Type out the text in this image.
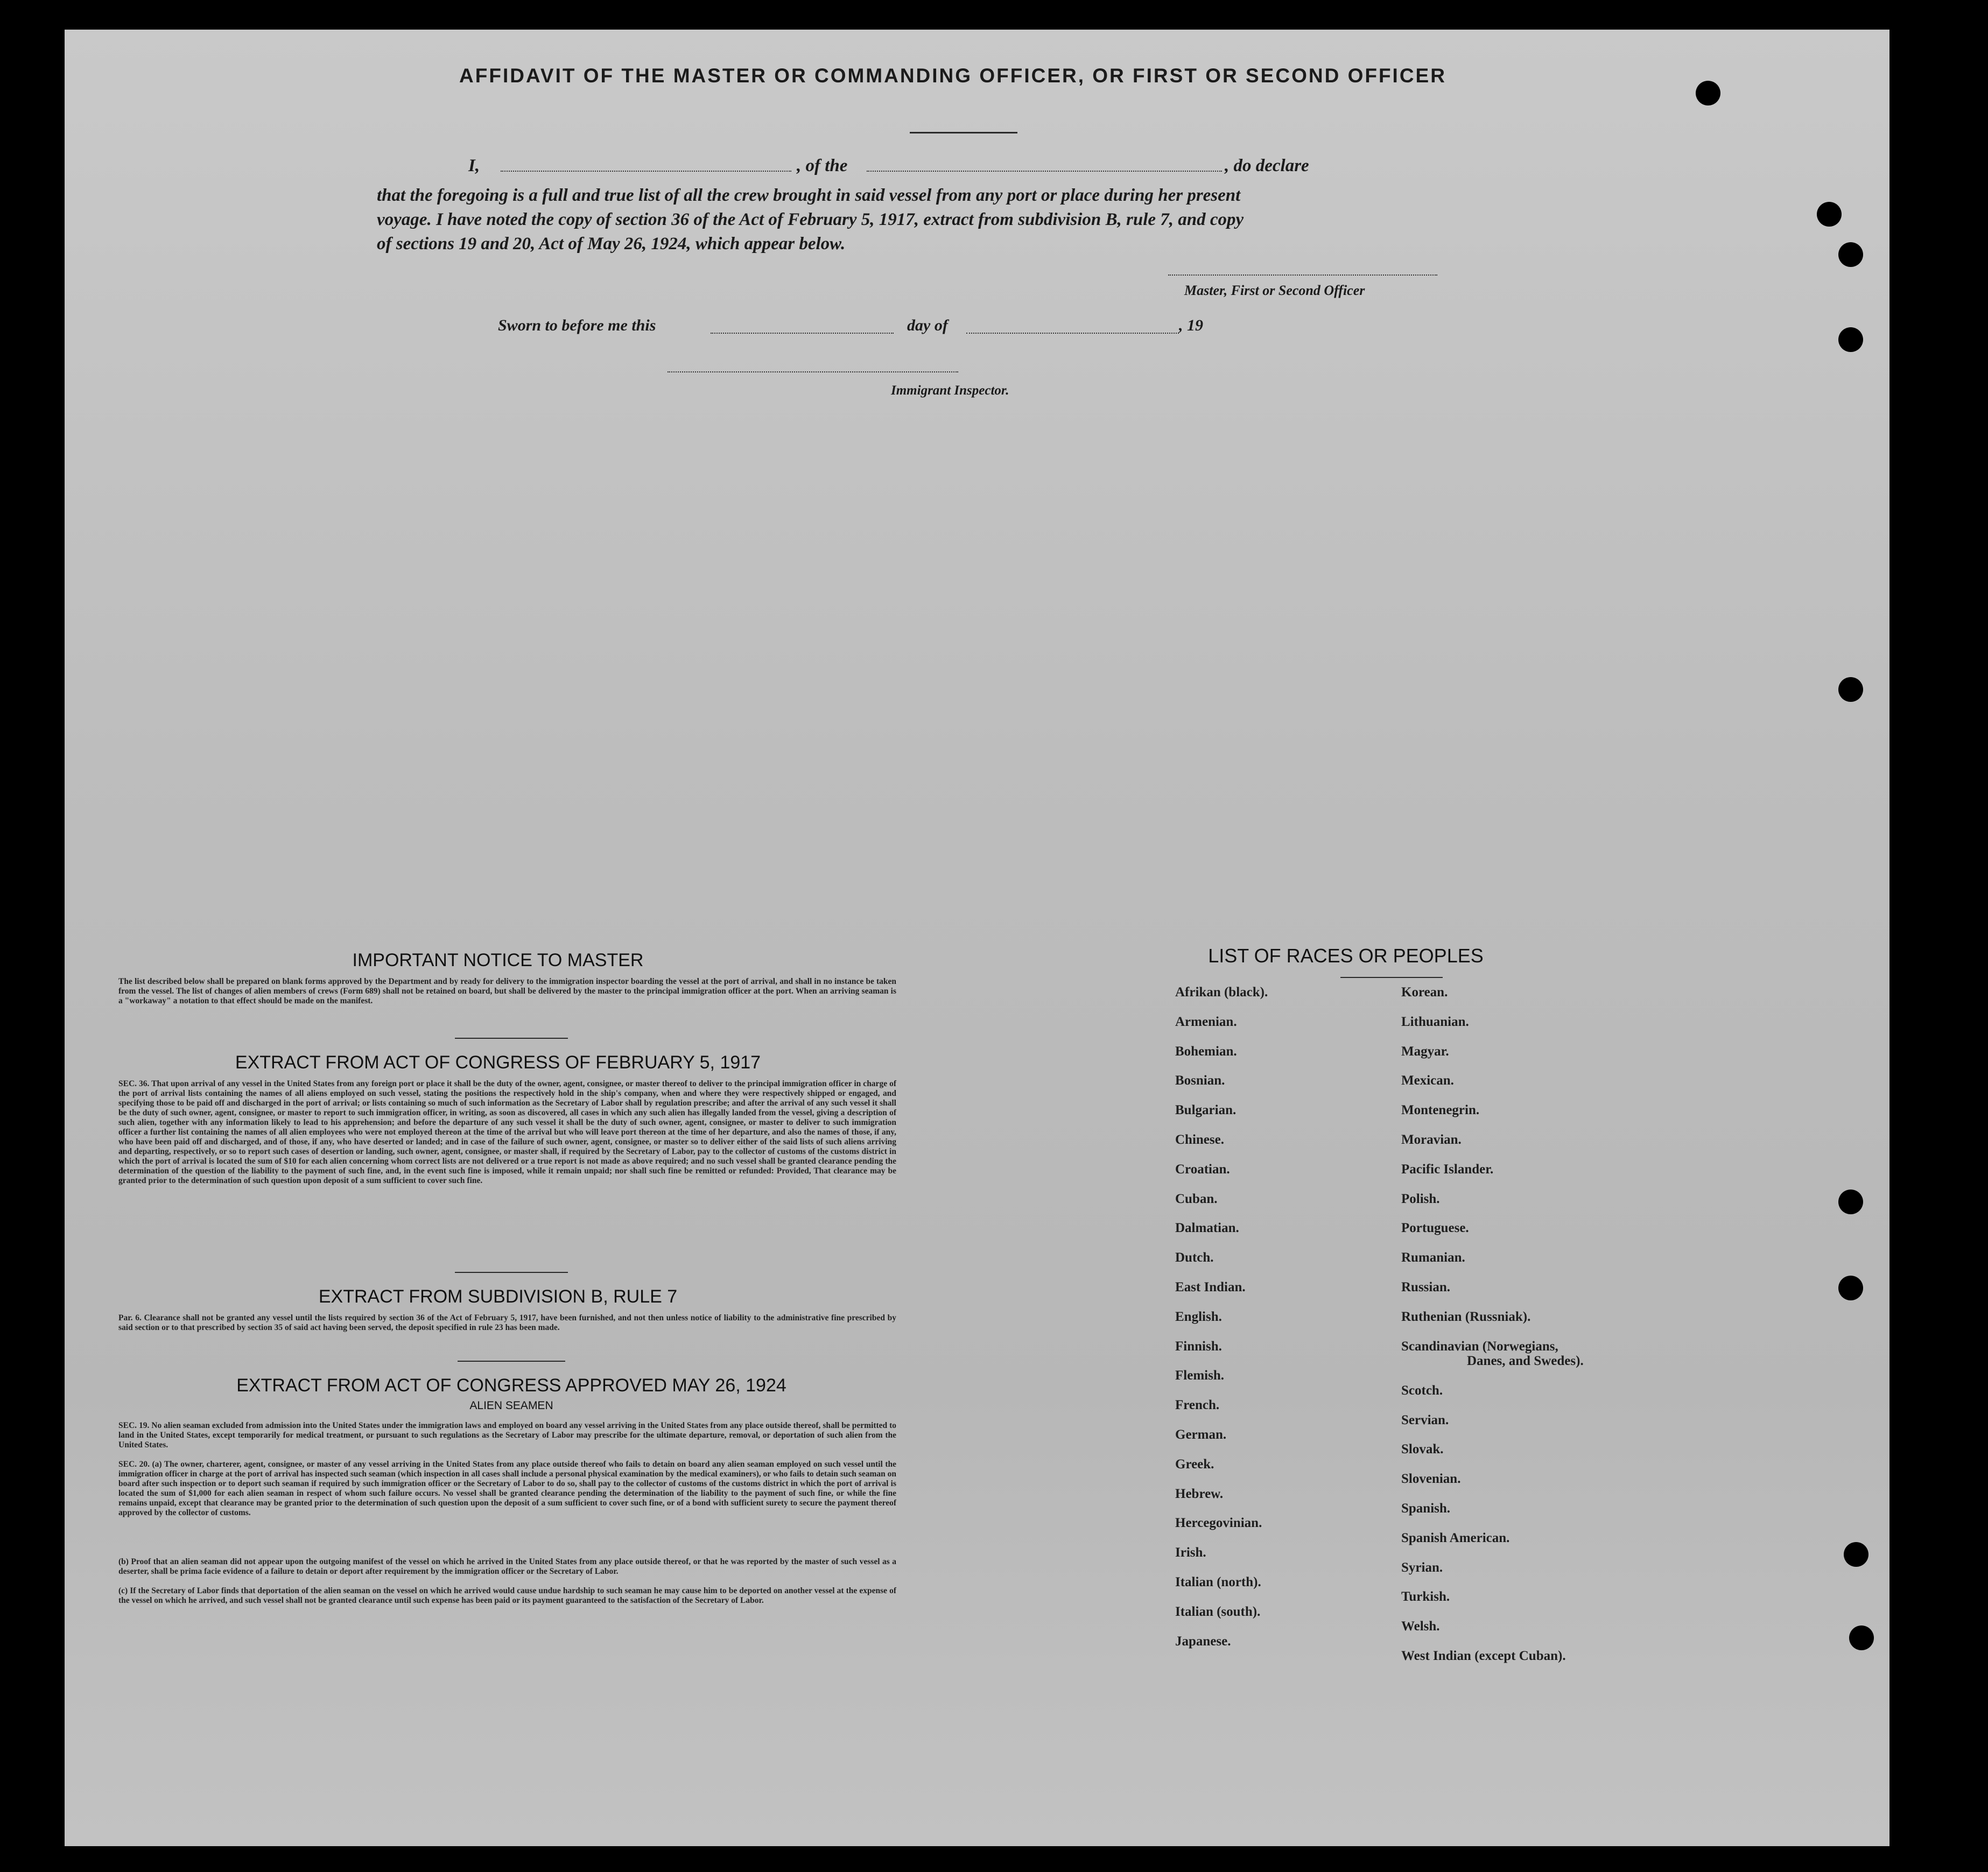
AFFIDAVIT OF THE MASTER OR COMMANDING OFFICER, OR FIRST OR SECOND OFFICER
I,	, of the	, do declare
that the foregoing is a full and true list of all the crew brought in said vessel from any port or place during her present
voyage. I have noted the copy of section 36 of the Act of February 5, 1917, extract from subdivision B, rule 7, and copy
of sections 19 and 20, Act of May 26, 1924, which appear below.
Master, First or Second Officer
Sworn to before me this	day of	, 19
Immigrant Inspector.
IMPORTANT NOTICE TO MASTER
The list described below shall be prepared on blank forms approved by the Department and by ready for delivery to the immigration inspector boarding the vessel at the port of arrival, and shall in no instance be taken from the vessel. The list of changes of alien members of crews (Form 689) shall not be retained on board, but shall be delivered by the master to the principal immigration officer at the port. When an arriving seaman is a "workaway" a notation to that effect should be made on the manifest.
EXTRACT FROM ACT OF CONGRESS OF FEBRUARY 5, 1917
SEC. 36. That upon arrival of any vessel in the United States from any foreign port or place it shall be the duty of the owner, agent, consignee, or master thereof to deliver to the principal immigration officer in charge of the port of arrival lists containing the names of all aliens employed on such vessel, stating the positions the respectively hold in the ship's company, when and where they were respectively shipped or engaged, and specifying those to be paid off and discharged in the port of arrival; or lists containing so much of such information as the Secretary of Labor shall by regulation prescribe; and after the arrival of any such vessel it shall be the duty of such owner, agent, consignee, or master to report to such immigration officer, in writing, as soon as discovered, all cases in which any such alien has illegally landed from the vessel, giving a description of such alien, together with any information likely to lead to his apprehension; and before the departure of any such vessel it shall be the duty of such owner, agent, consignee, or master to deliver to such immigration officer a further list containing the names of all alien employees who were not employed thereon at the time of the arrival but who will leave port thereon at the time of her departure, and also the names of those, if any, who have been paid off and discharged, and of those, if any, who have deserted or landed; and in case of the failure of such owner, agent, consignee, or master so to deliver either of the said lists of such aliens arriving and departing, respectively, or so to report such cases of desertion or landing, such owner, agent, consignee, or master shall, if required by the Secretary of Labor, pay to the collector of customs of the customs district in which the port of arrival is located the sum of $10 for each alien concerning whom correct lists are not delivered or a true report is not made as above required; and no such vessel shall be granted clearance pending the determination of the question of the liability to the payment of such fine, and, in the event such fine is imposed, while it remain unpaid; nor shall such fine be remitted or refunded: Provided, That clearance may be granted prior to the determination of such question upon deposit of a sum sufficient to cover such fine.
EXTRACT FROM SUBDIVISION B, RULE 7
Par. 6. Clearance shall not be granted any vessel until the lists required by section 36 of the Act of February 5, 1917, have been furnished, and not then unless notice of liability to the administrative fine prescribed by said section or to that prescribed by section 35 of said act having been served, the deposit specified in rule 23 has been made.
EXTRACT FROM ACT OF CONGRESS APPROVED MAY 26, 1924
ALIEN SEAMEN
SEC. 19. No alien seaman excluded from admission into the United States under the immigration laws and employed on board any vessel arriving in the United States from any place outside thereof, shall be permitted to land in the United States, except temporarily for medical treatment, or pursuant to such regulations as the Secretary of Labor may prescribe for the ultimate departure, removal, or deportation of such alien from the United States.
SEC. 20. (a) The owner, charterer, agent, consignee, or master of any vessel arriving in the United States from any place outside thereof who fails to detain on board any alien seaman employed on such vessel until the immigration officer in charge at the port of arrival has inspected such seaman (which inspection in all cases shall include a personal physical examination by the medical examiners), or who fails to detain such seaman on board after such inspection or to deport such seaman if required by such immigration officer or the Secretary of Labor to do so, shall pay to the collector of customs of the customs district in which the port of arrival is located the sum of $1,000 for each alien seaman in respect of whom such failure occurs. No vessel shall be granted clearance pending the determination of the liability to the payment of such fine, or while the fine remains unpaid, except that clearance may be granted prior to the determination of such question upon the deposit of a sum sufficient to cover such fine, or of a bond with sufficient surety to secure the payment thereof approved by the collector of customs.
(b) Proof that an alien seaman did not appear upon the outgoing manifest of the vessel on which he arrived in the United States from any place outside thereof, or that he was reported by the master of such vessel as a deserter, shall be prima facie evidence of a failure to detain or deport after requirement by the immigration officer or the Secretary of Labor.
(c) If the Secretary of Labor finds that deportation of the alien seaman on the vessel on which he arrived would cause undue hardship to such seaman he may cause him to be deported on another vessel at the expense of the vessel on which he arrived, and such vessel shall not be granted clearance until such expense has been paid or its payment guaranteed to the satisfaction of the Secretary of Labor.
LIST OF RACES OR PEOPLES
Afrikan (black).
Armenian.
Bohemian.
Bosnian.
Bulgarian.
Chinese.
Croatian.
Cuban.
Dalmatian.
Dutch.
East Indian.
English.
Finnish.
Flemish.
French.
German.
Greek.
Hebrew.
Hercegovinian.
Irish.
Italian (north).
Italian (south).
Japanese.
Korean.
Lithuanian.
Magyar.
Mexican.
Montenegrin.
Moravian.
Pacific Islander.
Polish.
Portuguese.
Rumanian.
Russian.
Ruthenian (Russniak).
Scandinavian (Norwegians,
Danes, and Swedes).
Scotch.
Servian.
Slovak.
Slovenian.
Spanish.
Spanish American.
Syrian.
Turkish.
Welsh.
West Indian (except Cuban).
